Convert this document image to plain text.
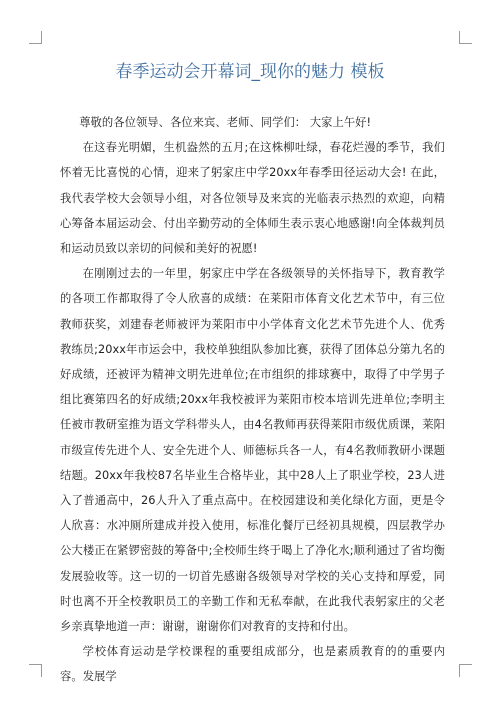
春季运动会开幕词_现你的魅力 模板

尊敬的各位领导、各位来宾、老师、同学们： 大家上午好!

在这春光明媚，生机盎然的五月;在这株柳吐绿，春花烂漫的季节，我们怀着无比喜悦的心情，迎来了躬家庄中学20xx年春季田径运动大会! 在此，我代表学校大会领导小组，对各位领导及来宾的光临表示热烈的欢迎，向精心筹备本届运动会、付出辛勤劳动的全体师生表示衷心地感谢!向全体裁判员和运动员致以亲切的问候和美好的祝愿!

在刚刚过去的一年里，躬家庄中学在各级领导的关怀指导下，教育教学的各项工作都取得了令人欣喜的成绩：在莱阳市体育文化艺术节中，有三位教师获奖，刘建春老师被评为莱阳市中小学体育文化艺术节先进个人、优秀教练员;20xx年市运会中，我校单独组队参加比赛，获得了团体总分第九名的好成绩，还被评为精神文明先进单位;在市组织的排球赛中，取得了中学男子组比赛第四名的好成绩;20xx年我校被评为莱阳市校本培训先进单位;李明主任被市教研室推为语文学科带头人，由4名教师再获得莱阳市级优质课，莱阳市级宣传先进个人、安全先进个人、师德标兵各一人，有4名教师教研小课题结题。20xx年我校87名毕业生合格毕业，其中28人上了职业学校，23人进入了普通高中，26人升入了重点高中。在校园建设和美化绿化方面，更是令人欣喜：水冲厕所建成并投入使用，标准化餐厅已经初具规模，四层教学办公大楼正在紧锣密鼓的筹备中;全校师生终于喝上了净化水;顺利通过了省均衡发展验收等。这一切的一切首先感谢各级领导对学校的关心支持和厚爱，同时也离不开全校教职员工的辛勤工作和无私奉献，在此我代表躬家庄的父老乡亲真挚地道一声：谢谢，谢谢你们对教育的支持和付出。

学校体育运动是学校课程的重要组成部分，也是素质教育的的重要内容。发展学
